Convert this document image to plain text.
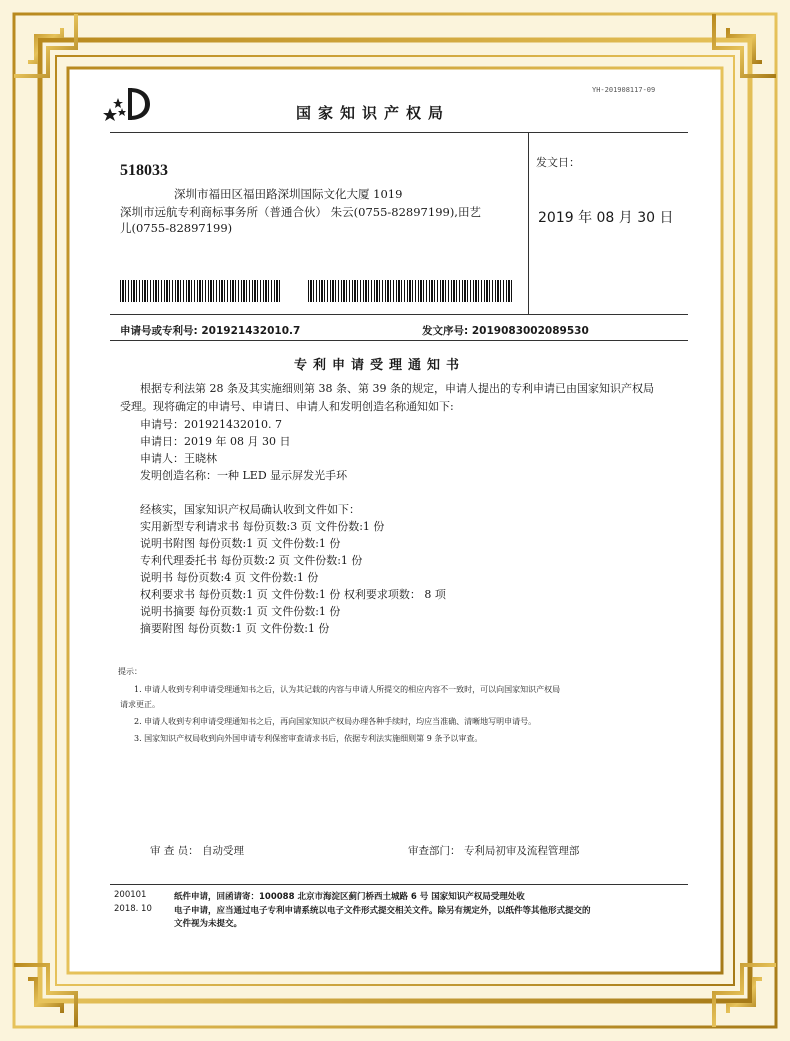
YH-201908117-09
国家知识产权局
518033
深圳市福田区福田路深圳国际文化大厦 1019
深圳市远航专利商标事务所（普通合伙） 朱云(0755-82897199),田艺
儿(0755-82897199)
发文日：
2019 年 08 月 30 日
申请号或专利号: 201921432010.7	发文序号: 2019083002089530
专利申请受理通知书
根据专利法第 28 条及其实施细则第 38 条、第 39 条的规定，申请人提出的专利申请已由国家知识产权局
受理。现将确定的申请号、申请日、申请人和发明创造名称通知如下:
申请号：201921432010. 7
申请日：2019 年 08 月 30 日
申请人：王晓林
发明创造名称：一种 LED 显示屏发光手环
经核实，国家知识产权局确认收到文件如下：
实用新型专利请求书 每份页数:3 页 文件份数:1 份
说明书附图 每份页数:1 页 文件份数:1 份
专利代理委托书 每份页数:2 页 文件份数:1 份
说明书 每份页数:4 页 文件份数:1 份
权利要求书 每份页数:1 页 文件份数:1 份 权利要求项数： 8 项
说明书摘要 每份页数:1 页 文件份数:1 份
摘要附图 每份页数:1 页 文件份数:1 份
提示：
1. 申请人收到专利申请受理通知书之后，认为其记载的内容与申请人所提交的相应内容不一致时，可以向国家知识产权局
请求更正。
2. 申请人收到专利申请受理通知书之后，再向国家知识产权局办理各种手续时，均应当准确、清晰地写明申请号。
3. 国家知识产权局收到向外国申请专利保密审查请求书后，依据专利法实施细则第 9 条予以审查。
审 查 员： 自动受理	审查部门： 专利局初审及流程管理部
200101
2018. 10
纸件申请，回函请寄：100088 北京市海淀区蓟门桥西土城路 6 号 国家知识产权局受理处收
电子申请，应当通过电子专利申请系统以电子文件形式提交相关文件。除另有规定外，以纸件等其他形式提交的
文件视为未提交。
